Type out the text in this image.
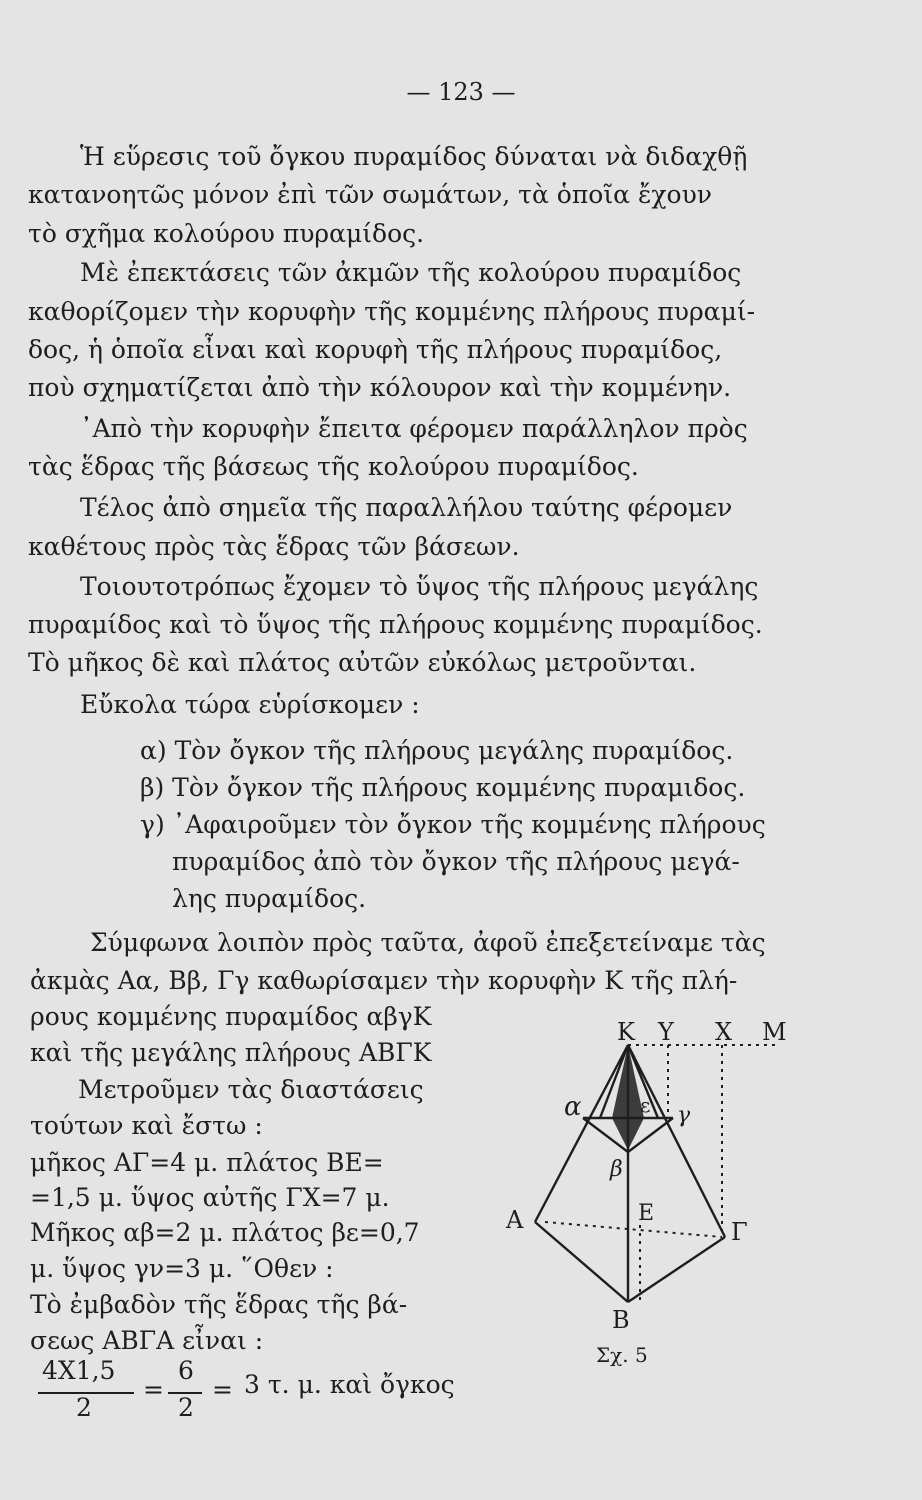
— 123 —
Ἡ εὕρεσις τοῦ ὄγκου πυραμίδος δύναται νὰ διδαχθῇ
κατανοητῶς μόνον ἐπὶ τῶν σωμάτων, τὰ ὁποῖα ἔχουν
τὸ σχῆμα κολούρου πυραμίδος.
Μὲ ἐπεκτάσεις τῶν ἀκμῶν τῆς κολούρου πυραμίδος
καθορίζομεν τὴν κορυφὴν τῆς κομμένης πλήρους πυραμί-
δος, ἡ ὁποῖα εἶναι καὶ κορυφὴ τῆς πλήρους πυραμίδος,
ποὺ σχηματίζεται ἀπὸ τὴν κόλουρον καὶ τὴν κομμένην.
᾿Απὸ τὴν κορυφὴν ἔπειτα φέρομεν παράλληλον πρὸς
τὰς ἕδρας τῆς βάσεως τῆς κολούρου πυραμίδος.
Τέλος ἀπὸ σημεῖα τῆς παραλλήλου ταύτης φέρομεν
καθέτους πρὸς τὰς ἕδρας τῶν βάσεων.
Τοιουτοτρόπως ἔχομεν τὸ ὕψος τῆς πλήρους μεγάλης
πυραμίδος καὶ τὸ ὕψος τῆς πλήρους κομμένης πυραμίδος.
Τὸ μῆκος δὲ καὶ πλάτος αὐτῶν εὐκόλως μετροῦνται.
Εὔκολα τώρα εὑρίσκομεν :
α) Τὸν ὄγκον τῆς πλήρους μεγάλης πυραμίδος.
β) Τὸν ὄγκον τῆς πλήρους κομμένης πυραμιδος.
γ) ᾿Αφαιροῦμεν τὸν ὄγκον τῆς κομμένης πλήρους
πυραμίδος ἀπὸ τὸν ὄγκον τῆς πλήρους μεγά-
λης πυραμίδος.
Σύμφωνα λοιπὸν πρὸς ταῦτα, ἀφοῦ ἐπεξετείναμε τὰς
ἀκμὰς Αα, Ββ, Γγ καθωρίσαμεν τὴν κορυφὴν Κ τῆς πλή-
ρους κομμένης πυραμίδος αβγΚ
καὶ τῆς μεγάλης πλήρους ΑΒΓΚ
Μετροῦμεν τὰς διαστάσεις
τούτων καὶ ἔστω :
μῆκος ΑΓ=4 μ. πλάτος ΒΕ=
=1,5 μ. ὕψος αὐτῆς ΓΧ=7 μ.
Μῆκος αβ=2 μ. πλάτος βε=0,7
μ. ὕψος γν=3 μ. ῞Οθεν :
Τὸ ἐμβαδὸν τῆς ἕδρας τῆς βά-
σεως ΑΒΓΑ εἶναι :
4Χ1,5
2
=
6
2
= 3 τ. μ. καὶ ὄγκος
Κ Υ Χ Μ
α	ε γ
β
Α	Ε
Γ
Β
Σχ. 5
